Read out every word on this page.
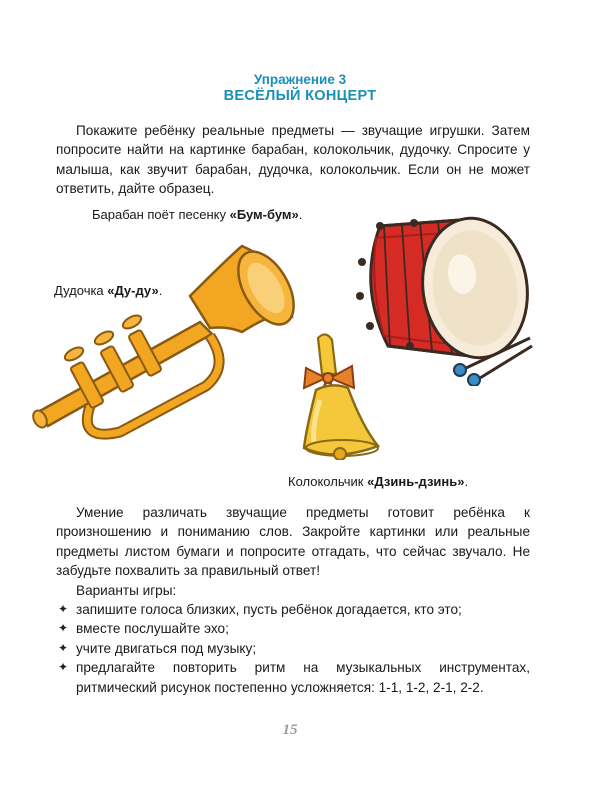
Упражнение 3
ВЕСЁЛЫЙ КОНЦЕРТ

Покажите ребёнку реальные предметы — звучащие игрушки. Затем попросите найти на картинке барабан, колокольчик, дудочку. Спросите у малыша, как звучит барабан, дудочка, колокольчик. Если он не может ответить, дайте образец.

Барабан поёт песенку «Бум-бум».
Дудочка «Ду-ду».
Колокольчик «Дзинь-дзинь».

Умение различать звучащие предметы готовит ребёнка к произношению и пониманию слов. Закройте картинки или реальные предметы листом бумаги и попросите отгадать, что сейчас звучало. Не забудьте похвалить за правильный ответ!

Варианты игры:

✦ запишите голоса близких, пусть ребёнок догадается, кто это;
✦ вместе послушайте эхо;
✦ учите двигаться под музыку;
✦ предлагайте повторить ритм на музыкальных инструментах, ритмический рисунок постепенно усложняется: 1-1, 1-2, 2-1, 2-2.
15
